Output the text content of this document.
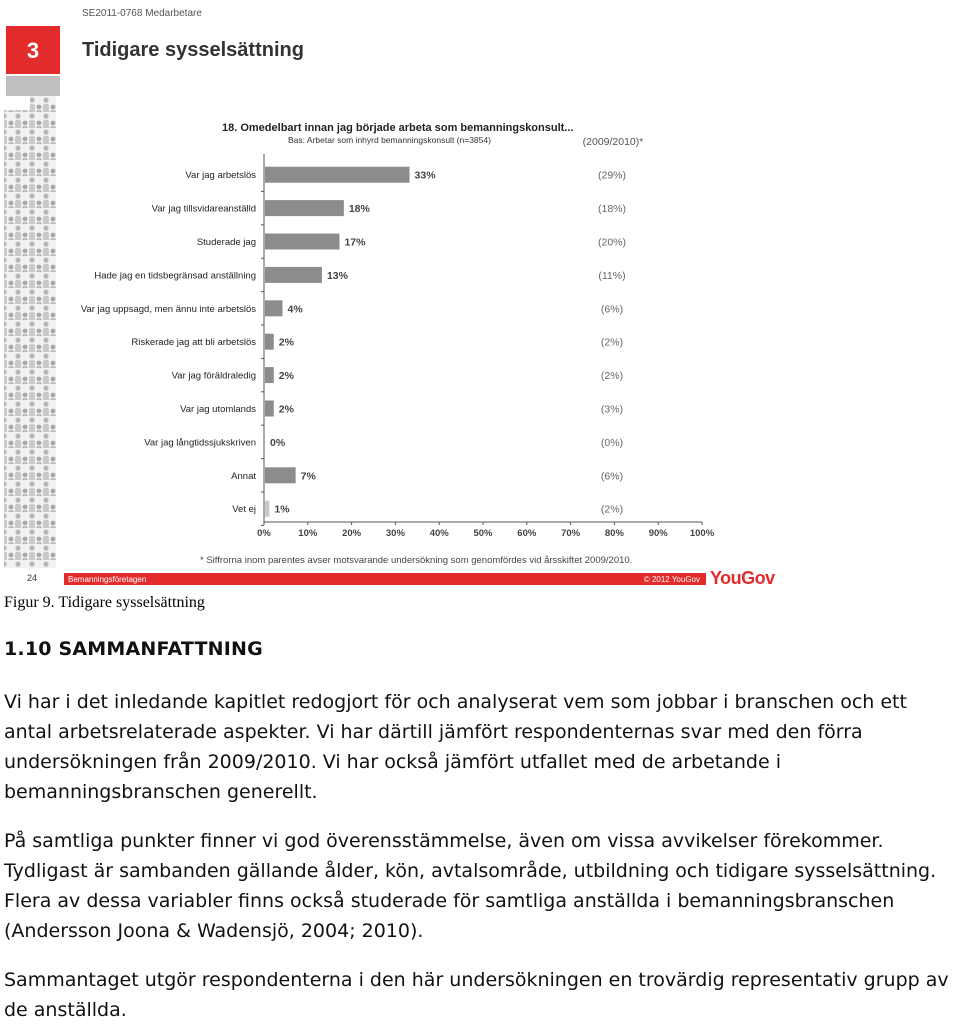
SE2011-0768 Medarbetare
3 Tidigare sysselsättning
18. Omedelbart innan jag började arbeta som bemanningskonsult...
Bas: Arbetar som inhyrd bemanningskonsult (n=3854)	(2009/2010)*
Var jag arbetslös	33%	(29%)
Var jag tillsvidareanställd	18%	(18%)
Studerade jag	17%	(20%)
Hade jag en tidsbegränsad anställning	13%	(11%)
Var jag uppsagd, men ännu inte arbetslös	4%	(6%)
Riskerade jag att bli arbetslös 2%	(2%)
Var jag föräldraledig 2%	(2%)
Var jag utomlands 2%	(3%)
Var jag långtidssjukskriven 0%	(0%)
Annat	7%	(6%)
Vet ej 1%	(2%)
0%	10%	20%	30%	40%	50%	60%	70%	80%	90% 100%
* Siffrorna inom parentes avser motsvarande undersökning som genomfördes vid årsskiftet 2009/2010.
24	Bemanningsföretagen	© 2012 YouGov YouGov
Figur 9. Tidigare sysselsättning
1.10 SAMMANFATTNING

Vi har i det inledande kapitlet redogjort för och analyserat vem som jobbar i branschen och ett antal arbetsrelaterade aspekter. Vi har därtill jämfört respondenternas svar med den förra undersökningen från 2009/2010. Vi har också jämfört utfallet med de arbetande i bemanningsbranschen generellt.

På samtliga punkter finner vi god överensstämmelse, även om vissa avvikelser förekommer. Tydligast är sambanden gällande ålder, kön, avtalsområde, utbildning och tidigare sysselsättning. Flera av dessa variabler finns också studerade för samtliga anställda i bemanningsbranschen (Andersson Joona & Wadensjö, 2004; 2010).

Sammantaget utgör respondenterna i den här undersökningen en trovärdig representativ grupp av de anställda.
